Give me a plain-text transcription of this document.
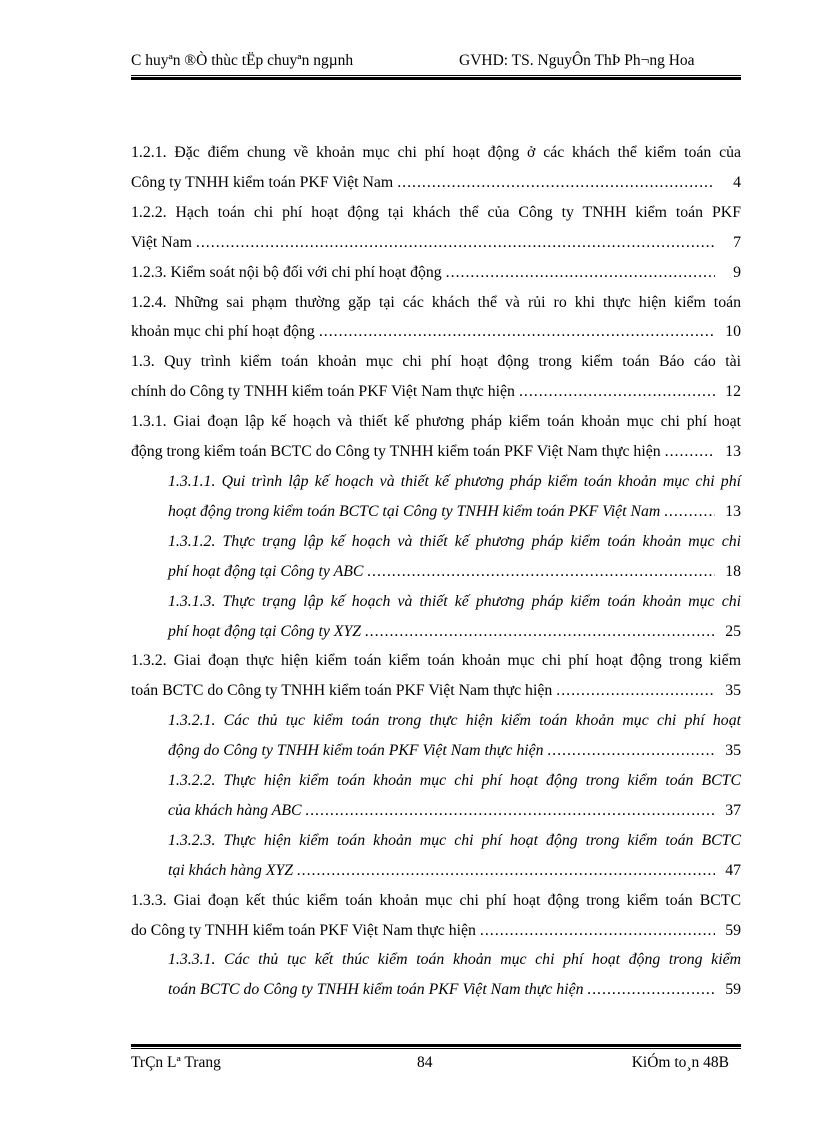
C huyªn ®Ò thùc tËp chuyªn ngµnh	GVHD: TS. NguyÔn ThÞ Ph¬ng Hoa
1.2.1. Đặc điểm chung về khoản mục chi phí hoạt động ở các khách thể kiểm toán của
Công ty TNHH kiểm toán PKF Việt Nam .....	4
1.2.2. Hạch toán chi phí hoạt động tại khách thể của Công ty TNHH kiểm toán PKF
Việt Nam .....	7
1.2.3. Kiểm soát nội bộ đối với chi phí hoạt động .....	9
1.2.4. Những sai phạm thường gặp tại các khách thể và rủi ro khi thực hiện kiểm toán
khoản mục chi phí hoạt động .....	10
1.3. Quy trình kiểm toán khoản mục chi phí hoạt động trong kiểm toán Báo cáo tài
chính do Công ty TNHH kiểm toán PKF Việt Nam thực hiện .....	12
1.3.1. Giai đoạn lập kế hoạch và thiết kế phương pháp kiểm toán khoản mục chi phí hoạt
động trong kiểm toán BCTC do Công ty TNHH kiểm toán PKF Việt Nam thực hiện .....	13
1.3.1.1. Qui trình lập kế hoạch và thiết kế phương pháp kiểm toán khoản mục chi phí
hoạt động trong kiểm toán BCTC tại Công ty TNHH kiểm toán PKF Việt Nam .....	13
1.3.1.2. Thực trạng lập kế hoạch và thiết kế phương pháp kiểm toán khoản mục chi
phí hoạt động tại Công ty ABC .....	18
1.3.1.3. Thực trạng lập kế hoạch và thiết kế phương pháp kiểm toán khoản mục chi
phí hoạt động tại Công ty XYZ .....	25
1.3.2. Giai đoạn thực hiện kiểm toán kiểm toán khoản mục chi phí hoạt động trong kiểm
toán BCTC do Công ty TNHH kiểm toán PKF Việt Nam thực hiện .....	35
1.3.2.1. Các thủ tục kiểm toán trong thực hiện kiểm toán khoản mục chi phí hoạt
động do Công ty TNHH kiểm toán PKF Việt Nam thực hiện .....	35
1.3.2.2. Thực hiện kiểm toán khoản mục chi phí hoạt động trong kiểm toán BCTC
của khách hàng ABC .....	37
1.3.2.3. Thực hiện kiểm toán khoản mục chi phí hoạt động trong kiểm toán BCTC
tại khách hàng XYZ .....	47
1.3.3. Giai đoạn kết thúc kiểm toán khoản mục chi phí hoạt động trong kiểm toán BCTC
do Công ty TNHH kiểm toán PKF Việt Nam thực hiện .....	59
1.3.3.1. Các thủ tục kết thúc kiểm toán khoản mục chi phí hoạt động trong kiểm
toán BCTC do Công ty TNHH kiểm toán PKF Việt Nam thực hiện .....	59
TrÇn Lª Trang	84	KiÓm to¸n 48B
